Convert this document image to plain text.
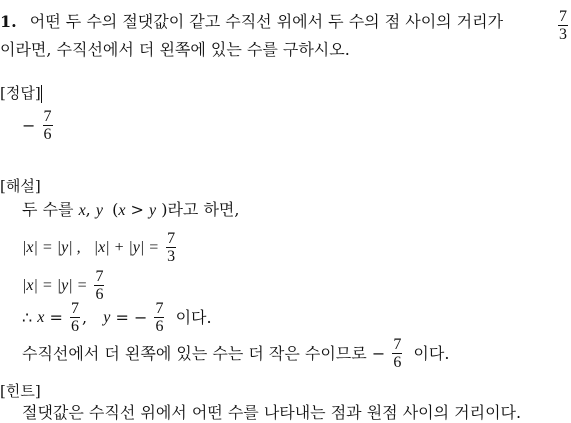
1. 어떤 두 수의 절댓값이 같고 수직선 위에서 두 수의 점 사이의 거리가	$\frac{7}{3}$
이라면, 수직선에서 더 왼쪽에 있는 수를 구하시오.
[정답]
− $\frac{7}{6}$
[해설]
두 수를 x, y (x > y )라고 하면,
|x| = |y| , $|x| + |y| = \frac{7}{3}$
$|x| = |y| = \frac{7}{6}$
∴ $x = \frac{7}{6}$ , y = − $\frac{7}{6}$ 이다.
수직선에서 더 왼쪽에 있는 수는 더 작은 수이므로 − $\frac{7}{6}$ 이다.
[힌트]
절댓값은 수직선 위에서 어떤 수를 나타내는 점과 원점 사이의 거리이다.
